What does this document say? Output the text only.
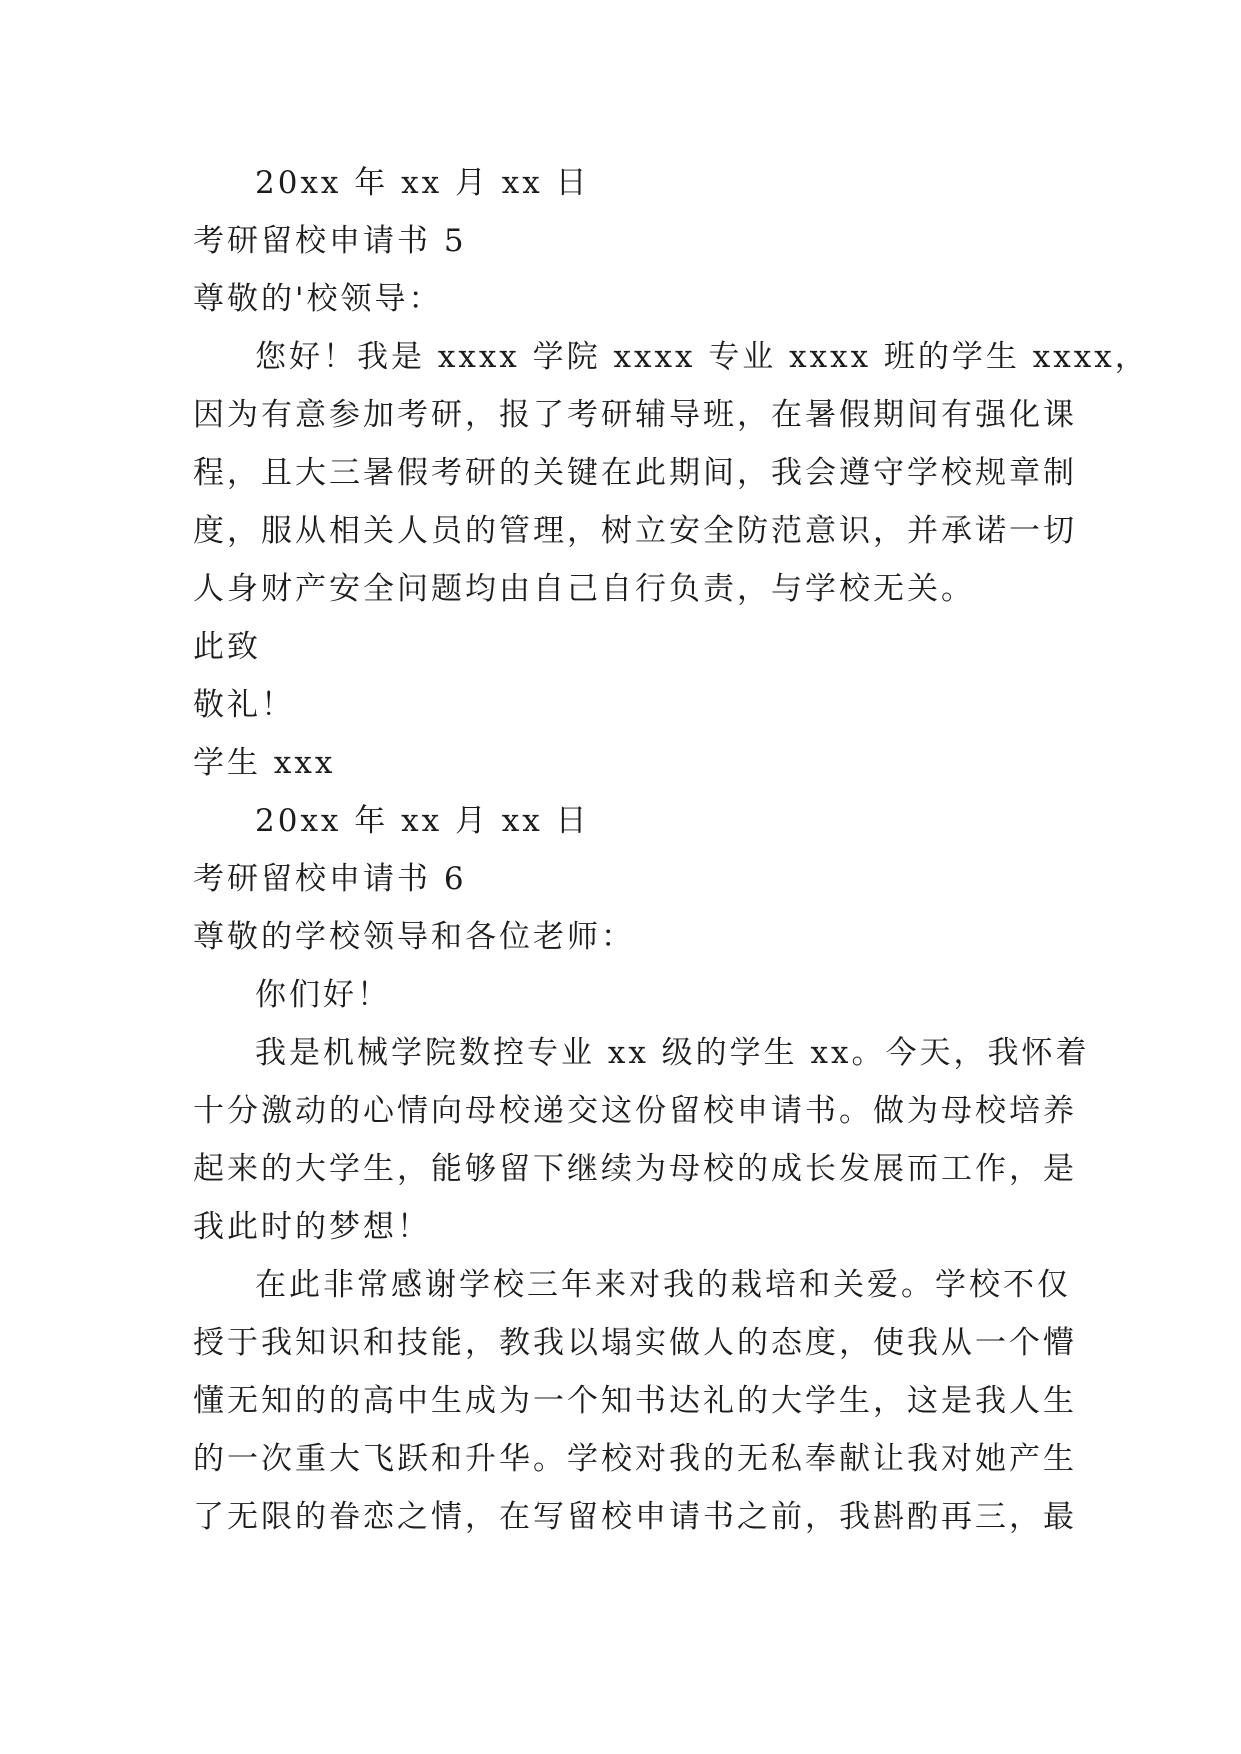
20xx 年 xx 月 xx 日
考研留校申请书 5
尊敬的'校领导：
您好！我是 xxxx 学院 xxxx 专业 xxxx 班的学生 xxxx，
因为有意参加考研，报了考研辅导班，在暑假期间有强化课
程，且大三暑假考研的关键在此期间，我会遵守学校规章制
度，服从相关人员的管理，树立安全防范意识，并承诺一切
人身财产安全问题均由自己自行负责，与学校无关。
此致
敬礼！
学生 xxx
20xx 年 xx 月 xx 日
考研留校申请书 6
尊敬的学校领导和各位老师：
你们好！
我是机械学院数控专业 xx 级的学生 xx。今天，我怀着
十分激动的心情向母校递交这份留校申请书。做为母校培养
起来的大学生，能够留下继续为母校的成长发展而工作，是
我此时的梦想！
在此非常感谢学校三年来对我的栽培和关爱。学校不仅
授于我知识和技能，教我以塌实做人的态度，使我从一个懵
懂无知的的高中生成为一个知书达礼的大学生，这是我人生
的一次重大飞跃和升华。学校对我的无私奉献让我对她产生
了无限的眷恋之情，在写留校申请书之前，我斟酌再三，最
